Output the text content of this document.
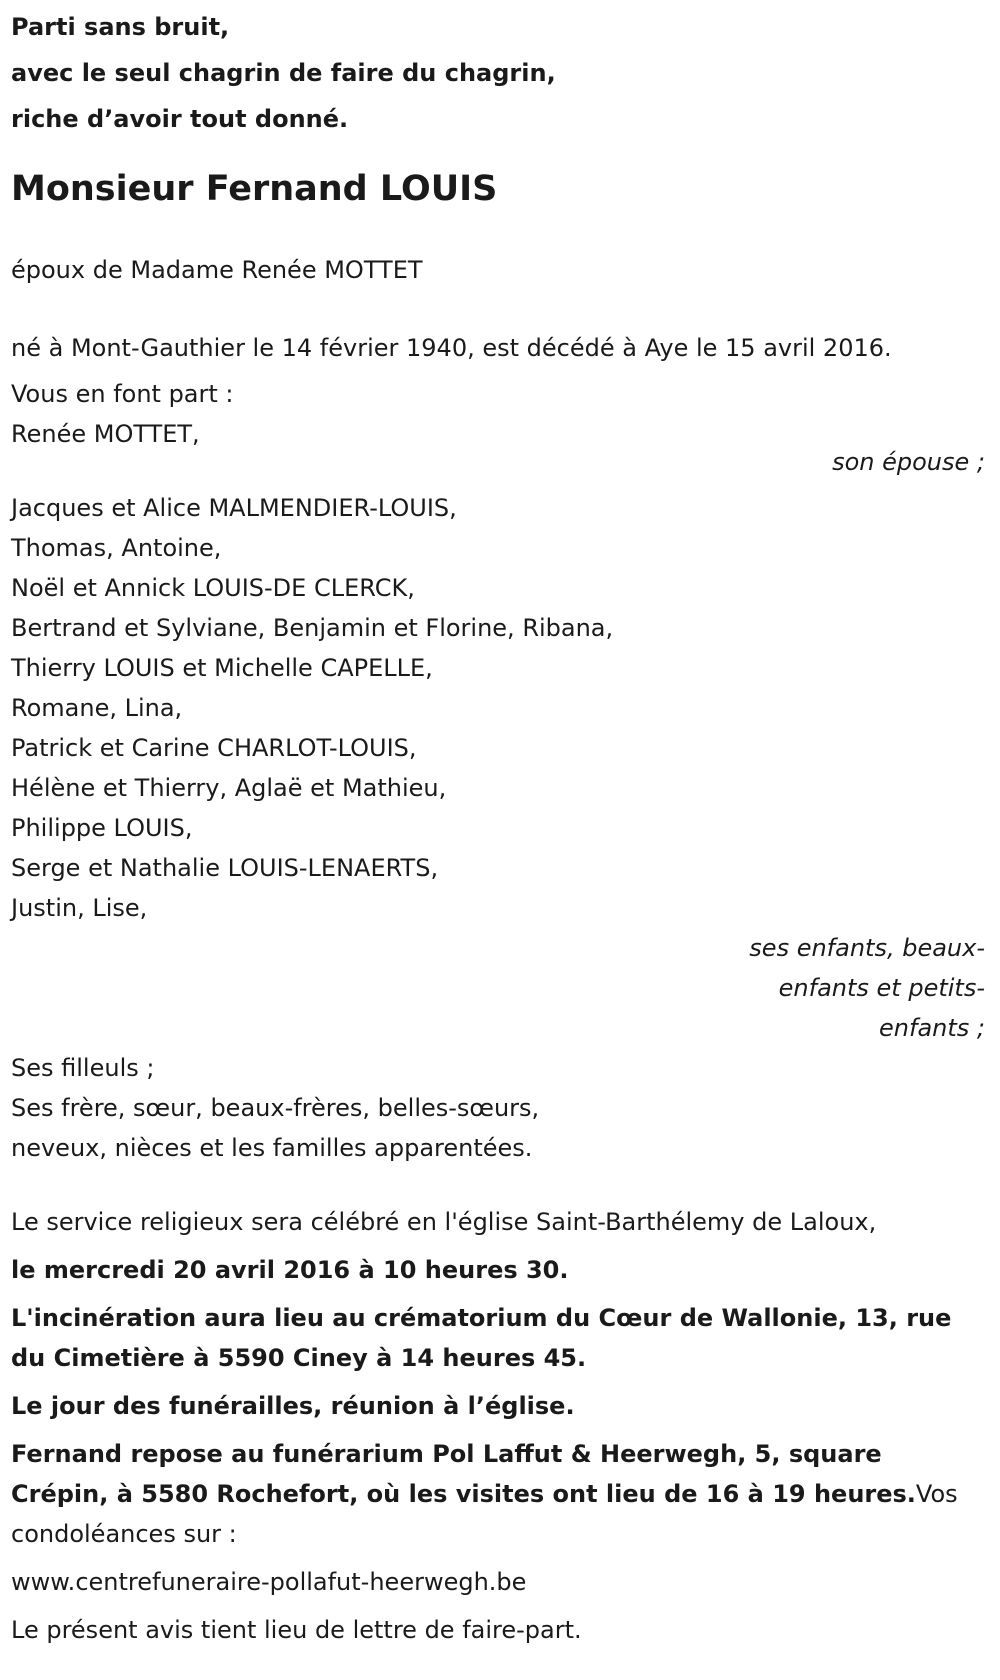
Parti sans bruit,
avec le seul chagrin de faire du chagrin,
riche d’avoir tout donné.
Monsieur Fernand LOUIS
époux de Madame Renée MOTTET
né à Mont-Gauthier le 14 février 1940, est décédé à Aye le 15 avril 2016.
Vous en font part :
Renée MOTTET,
son épouse ;
Jacques et Alice MALMENDIER-LOUIS,
Thomas, Antoine,
Noël et Annick LOUIS-DE CLERCK,
Bertrand et Sylviane, Benjamin et Florine, Ribana,
Thierry LOUIS et Michelle CAPELLE,
Romane, Lina,
Patrick et Carine CHARLOT-LOUIS,
Hélène et Thierry, Aglaë et Mathieu,
Philippe LOUIS,
Serge et Nathalie LOUIS-LENAERTS,
Justin, Lise,
ses enfants, beaux-
enfants et petits-
enfants ;
Ses filleuls ;
Ses frère, sœur, beaux-frères, belles-sœurs,
neveux, nièces et les familles apparentées.
Le service religieux sera célébré en l'église Saint-Barthélemy de Laloux,
le mercredi 20 avril 2016 à 10 heures 30.
L'incinération aura lieu au crématorium du Cœur de Wallonie, 13, rue du Cimetière à 5590 Ciney à 14 heures 45.
Le jour des funérailles, réunion à l’église.
Fernand repose au funérarium Pol Laffut & Heerwegh, 5, square Crépin, à 5580 Rochefort, où les visites ont lieu de 16 à 19 heures.Vos condoléances sur :
www.centrefuneraire-pollafut-heerwegh.be
Le présent avis tient lieu de lettre de faire-part.
